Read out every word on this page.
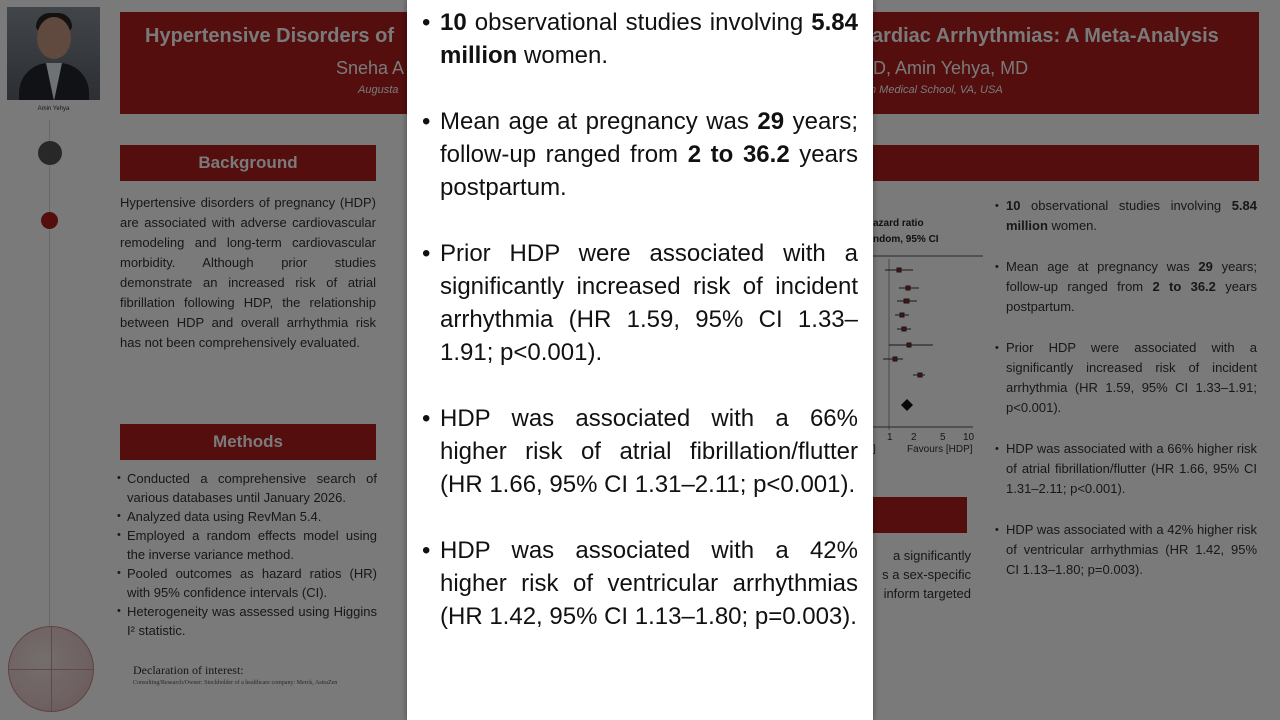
•
•
•
•
•
•
•
•
•
•
• 10 observational studies involving 5.84 million women.
• Mean age at pregnancy was 29 years; follow-up ranged from 2 to 36.2 years postpartum.
• Prior HDP were associated with a significantly increased risk of incident arrhythmia (HR 1.59, 95% CI 1.33–1.91; p<0.001).
• HDP was associated with a 66% higher risk of atrial fibrillation/flutter (HR 1.66, 95% CI 1.31–2.11; p<0.001).
• HDP was associated with a 42% higher risk of ventricular arrhythmias (HR 1.42, 95% CI 1.13–1.80; p=0.003).
